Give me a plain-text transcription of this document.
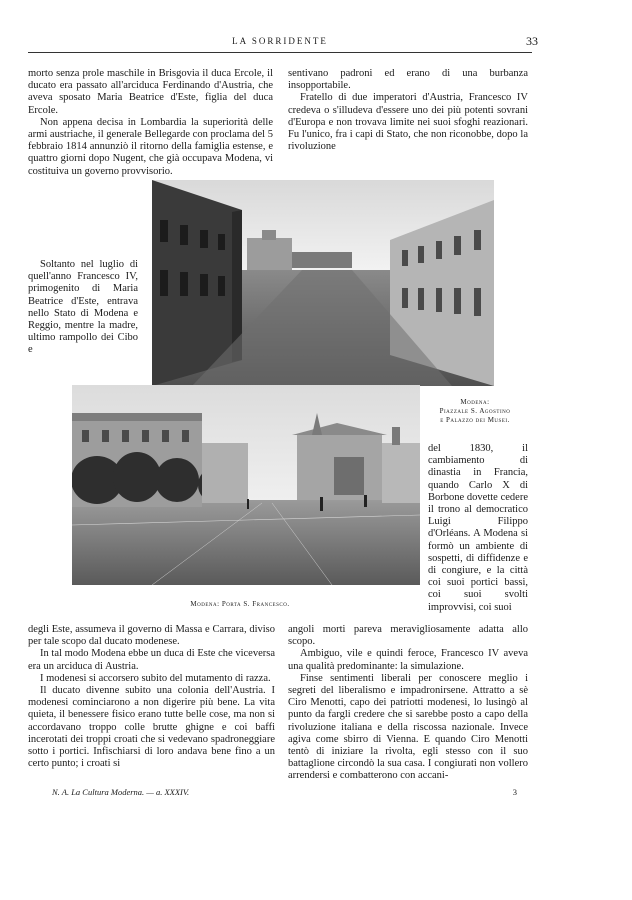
LA SORRIDENTE	33

morto senza prole maschile in Brisgovia il duca Ercole, il ducato era passato all'arciduca Ferdinando d'Austria, che aveva sposato Maria Beatrice d'Este, figlia del duca Ercole.

Non appena decisa in Lombardia la superiorità delle armi austriache, il generale Bellegarde con proclama del 5 febbraio 1814 annunziò il ritorno della famiglia estense, e quattro giorni dopo Nugent, che già occupava Modena, vi costituiva un governo provvisorio.

Soltanto nel luglio di quell'anno Francesco IV, primogenito di Maria Beatrice d'Este, entrava nello Stato di Modena e Reggio, mentre la madre, ultimo rampollo dei Cibo e

sentivano padroni ed erano di una burbanza insopportabile.

Fratello di due imperatori d'Austria, Francesco IV credeva o s'illudeva d'essere uno dei più potenti sovrani d'Europa e non trovava limite nei suoi sfoghi reazionari. Fu l'unico, fra i capi di Stato, che non riconobbe, dopo la rivoluzione

Modena:
Piazzale S. Agostino
e Palazzo dei Musei.

del 1830, il cambiamento di dinastia in Francia, quando Carlo X di Borbone dovette cedere il trono al democratico Luigi Filippo d'Orléans. A Modena si formò un ambiente di sospetti, di diffidenze e di congiure, e la città coi suoi portici bassi, coi suoi svolti improvvisi, coi suoi

Modena: Porta S. Francesco.

degli Este, assumeva il governo di Massa e Carrara, diviso per tale scopo dal ducato modenese.

In tal modo Modena ebbe un duca di Este che viceversa era un arciduca di Austria.

I modenesi si accorsero subito del mutamento di razza.

Il ducato divenne subito una colonia dell'Austria. I modenesi cominciarono a non digerire più bene. La vita quieta, il benessere fisico erano tutte belle cose, ma non si accordavano troppo colle brutte ghigne e coi baffi incerotati dei troppi croati che si vedevano spadroneggiare sotto i portici. Infischiarsi di loro andava bene fino a un certo punto; i croati si

angoli morti pareva meravigliosamente adatta allo scopo.

Ambiguo, vile e quindi feroce, Francesco IV aveva una qualità predominante: la simulazione.

Finse sentimenti liberali per conoscere meglio i segreti del liberalismo e impadronirsene. Attratto a sè Ciro Menotti, capo dei patriotti modenesi, lo lusingò al punto da fargli credere che si sarebbe posto a capo della rivoluzione italiana e della riscossa nazionale. Invece agiva come sbirro di Vienna. E quando Ciro Menotti tentò di iniziare la rivolta, egli stesso con il suo battaglione circondò la sua casa. I congiurati non vollero arrendersi e combatterono con accani-

N. A. La Cultura Moderna. — a. XXXIV.	3
